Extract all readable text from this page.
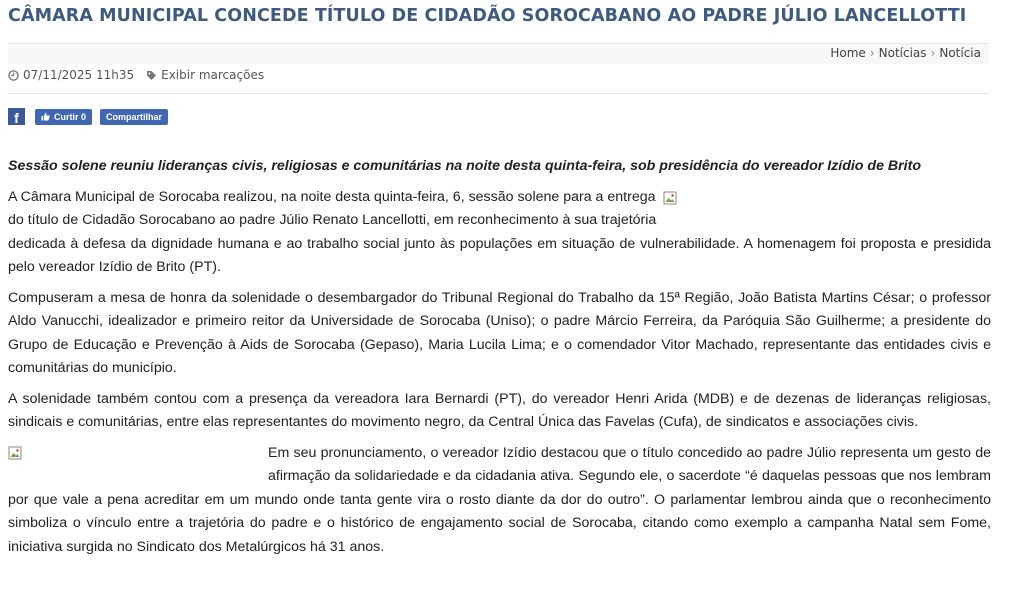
CÂMARA MUNICIPAL CONCEDE TÍTULO DE CIDADÃO SOROCABANO AO PADRE JÚLIO LANCELLOTTI
Home › Notícias › Notícia
07/11/2025 11h35 Exibir marcações
f	Curtir 0 Compartilhar

Sessão solene reuniu lideranças civis, religiosas e comunitárias na noite desta quinta-feira, sob presidência do vereador Izídio de Brito

A Câmara Municipal de Sorocaba realizou, na noite desta quinta-feira, 6, sessão solene para a entrega
do título de Cidadão Sorocabano ao padre Júlio Renato Lancellotti, em reconhecimento à sua trajetória
dedicada à defesa da dignidade humana e ao trabalho social junto às populações em situação de vulnerabilidade. A homenagem foi proposta e presidida pelo vereador Izídio de Brito (PT).

Compuseram a mesa de honra da solenidade o desembargador do Tribunal Regional do Trabalho da 15ª Região, João Batista Martins César; o professor Aldo Vanucchi, idealizador e primeiro reitor da Universidade de Sorocaba (Uniso); o padre Márcio Ferreira, da Paróquia São Guilherme; a presidente do Grupo de Educação e Prevenção à Aids de Sorocaba (Gepaso), Maria Lucila Lima; e o comendador Vitor Machado, representante das entidades civis e comunitárias do município.

A solenidade também contou com a presença da vereadora Iara Bernardi (PT), do vereador Henri Arida (MDB) e de dezenas de lideranças religiosas, sindicais e comunitárias, entre elas representantes do movimento negro, da Central Única das Favelas (Cufa), de sindicatos e associações civis.

Em seu pronunciamento, o vereador Izídio destacou que o título concedido ao padre Júlio representa um gesto de afirmação da solidariedade e da cidadania ativa. Segundo ele, o sacerdote “é daquelas pessoas que nos lembram por que vale a pena acreditar em um mundo onde tanta gente vira o rosto diante da dor do outro”. O parlamentar lembrou ainda que o reconhecimento simboliza o vínculo entre a trajetória do padre e o histórico de engajamento social de Sorocaba, citando como exemplo a campanha Natal sem Fome, iniciativa surgida no Sindicato dos Metalúrgicos há 31 anos.
